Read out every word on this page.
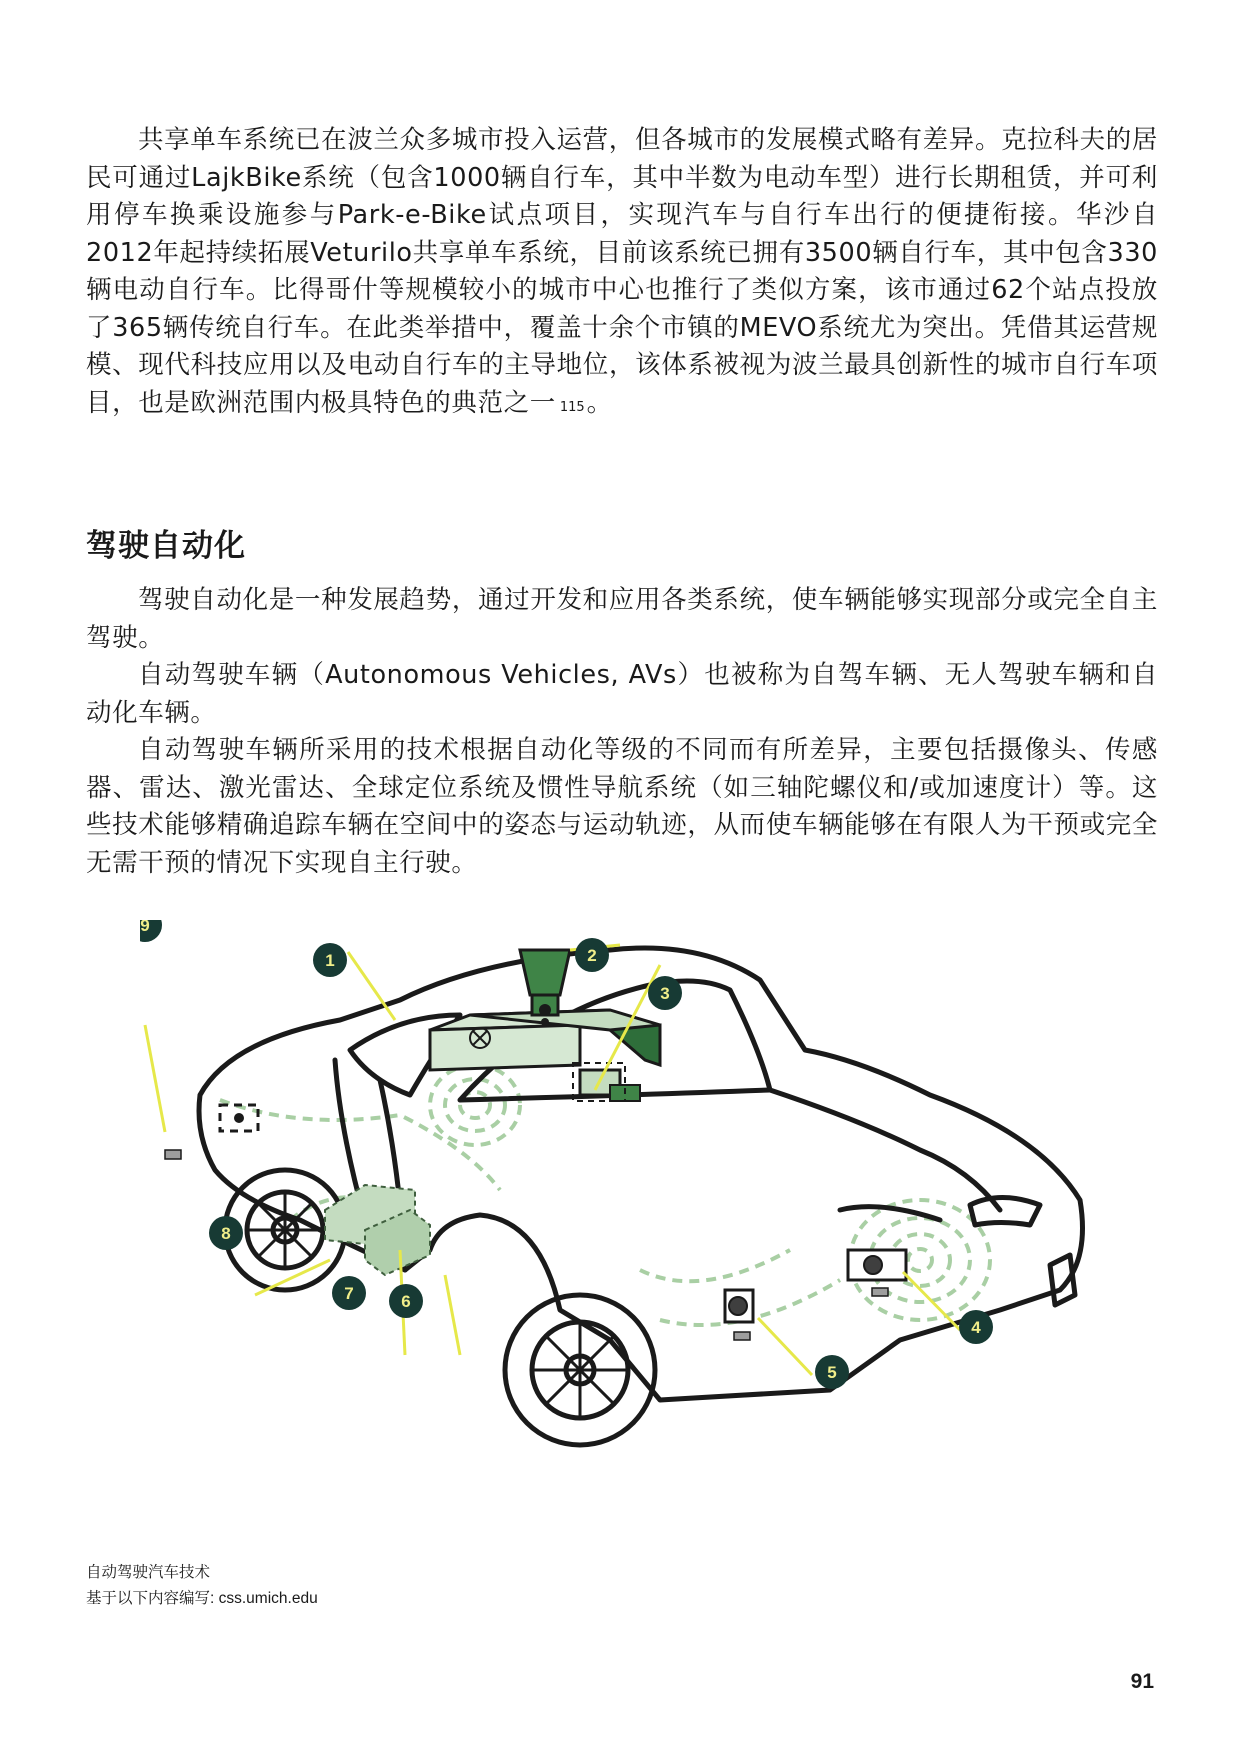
共享单车系统已在波兰众多城市投入运营，但各城市的发展模式略有差异。克拉科夫的居民可通过LajkBike系统（包含1000辆自行车，其中半数为电动车型）进行长期租赁，并可利用停车换乘设施参与Park-e-Bike试点项目，实现汽车与自行车出行的便捷衔接。华沙自2012年起持续拓展Veturilo共享单车系统，目前该系统已拥有3500辆自行车，其中包含330辆电动自行车。比得哥什等规模较小的城市中心也推行了类似方案，该市通过62个站点投放了365辆传统自行车。在此类举措中，覆盖十余个市镇的MEVO系统尤为突出。凭借其运营规模、现代科技应用以及电动自行车的主导地位，该体系被视为波兰最具创新性的城市自行车项目，也是欧洲范围内极具特色的典范之一 115。

驾驶自动化

驾驶自动化是一种发展趋势，通过开发和应用各类系统，使车辆能够实现部分或完全自主驾驶。

自动驾驶车辆（Autonomous Vehicles, AVs）也被称为自驾车辆、无人驾驶车辆和自动化车辆。

自动驾驶车辆所采用的技术根据自动化等级的不同而有所差异，主要包括摄像头、传感器、雷达、激光雷达、全球定位系统及惯性导航系统（如三轴陀螺仪和/或加速度计）等。这些技术能够精确追踪车辆在空间中的姿态与运动轨迹，从而使车辆能够在有限人为干预或完全无需干预的情况下实现自主行驶。

1	2
3
4
5
6
7
8
9
自动驾驶汽车技术
基于以下内容编写: css.umich.edu
91
